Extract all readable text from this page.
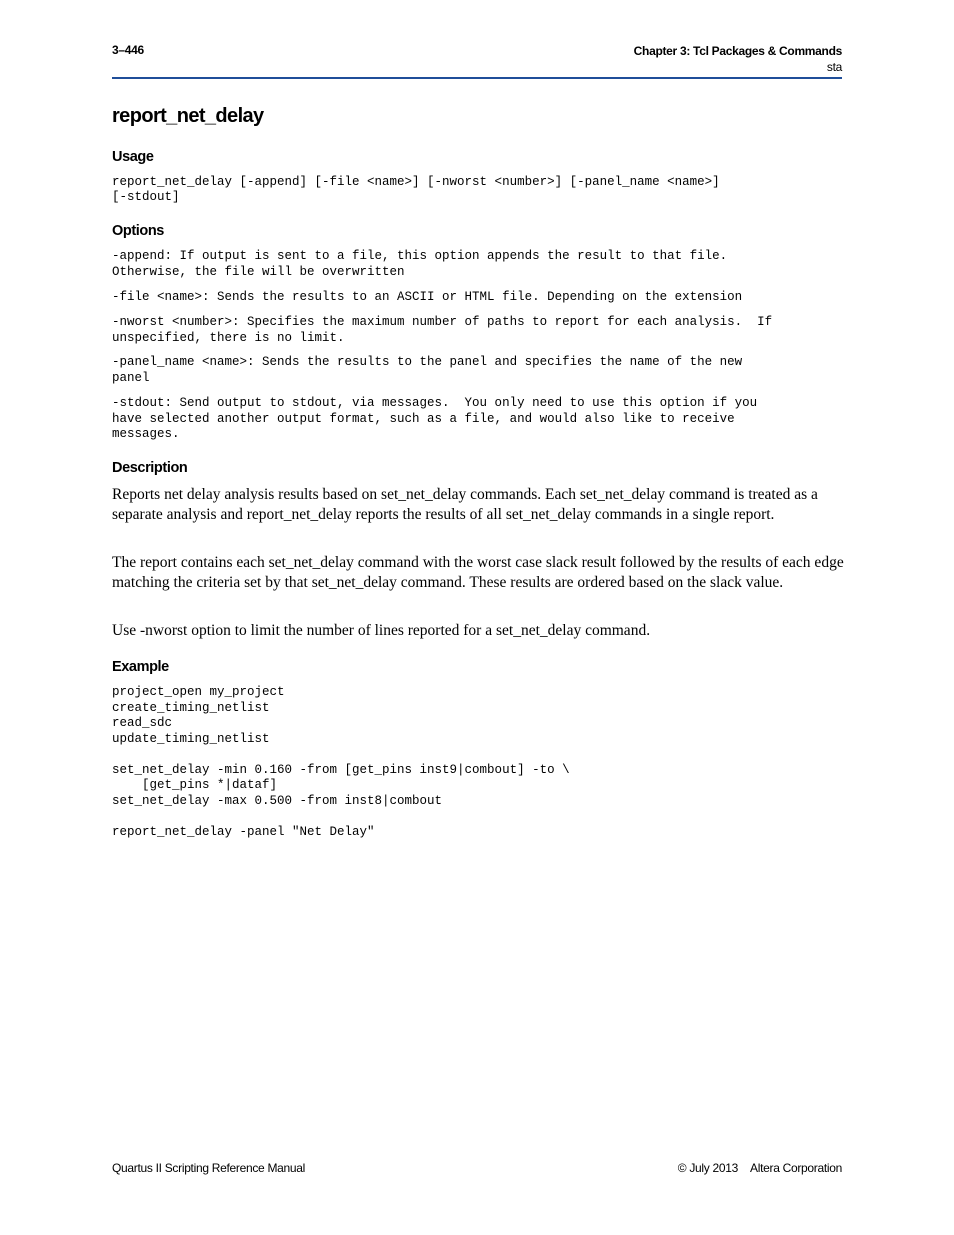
3–446	Chapter 3: Tcl Packages & Commands
sta
report_net_delay
Usage
report_net_delay [-append] [-file <name>] [-nworst <number>] [-panel_name <name>]
[-stdout]
Options
-append: If output is sent to a file, this option appends the result to that file.
Otherwise, the file will be overwritten
-file <name>: Sends the results to an ASCII or HTML file. Depending on the extension
-nworst <number>: Specifies the maximum number of paths to report for each analysis.  If
unspecified, there is no limit.
-panel_name <name>: Sends the results to the panel and specifies the name of the new
panel
-stdout: Send output to stdout, via messages.  You only need to use this option if you
have selected another output format, such as a file, and would also like to receive
messages.
Description

Reports net delay analysis results based on set_net_delay commands. Each set_net_delay command is treated as a separate analysis and report_net_delay reports the results of all set_net_delay commands in a single report.

The report contains each set_net_delay command with the worst case slack result followed by the results of each edge matching the criteria set by that set_net_delay command. These results are ordered based on the slack value.

Use -nworst option to limit the number of lines reported for a set_net_delay command.

Example
project_open my_project
create_timing_netlist
read_sdc
update_timing_netlist

set_net_delay -min 0.160 -from [get_pins inst9|combout] -to \
[get_pins *|dataf]
set_net_delay -max 0.500 -from inst8|combout

report_net_delay -panel "Net Delay"
Quartus II Scripting Reference Manual	© July 2013 Altera Corporation
